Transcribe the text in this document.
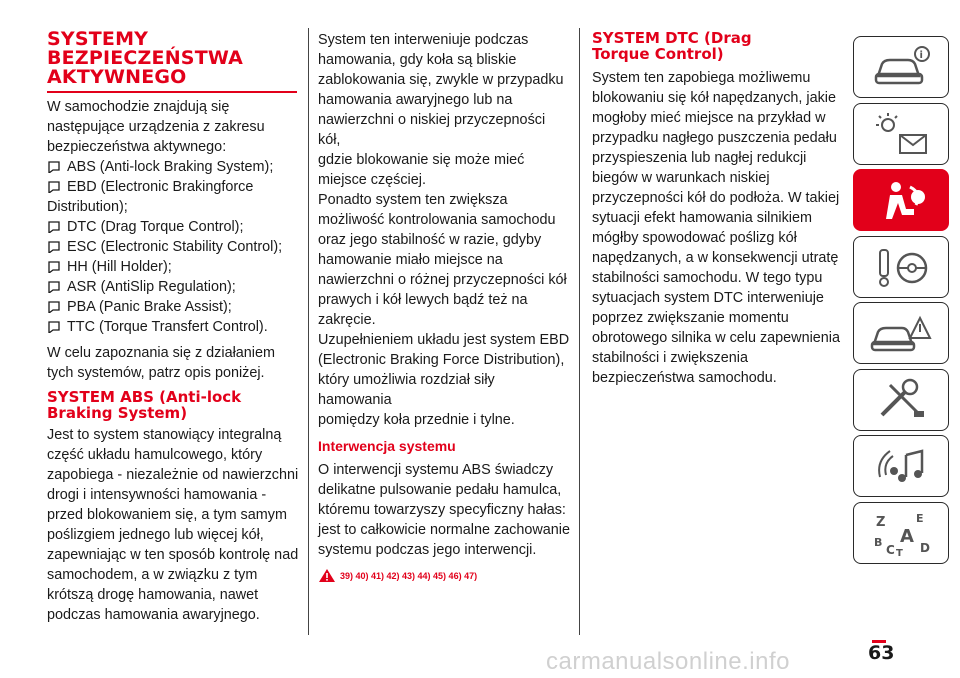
SYSTEMY
BEZPIECZEŃSTWA
AKTYWNEGO

W samochodzie znajdują się
następujące urządzenia z zakresu
bezpieczeństwa aktywnego:

ABS (Anti-lock Braking System);
EBD (Electronic Brakingforce
Distribution);
DTC (Drag Torque Control);
ESC (Electronic Stability Control);
HH (Hill Holder);
ASR (AntiSlip Regulation);
PBA (Panic Brake Assist);
TTC (Torque Transfert Control).

W celu zapoznania się z działaniem
tych systemów, patrz opis poniżej.

SYSTEM ABS (Anti-lock
Braking System)

Jest to system stanowiący integralną
część układu hamulcowego, który
zapobiega - niezależnie od nawierzchni
drogi i intensywności hamowania -
przed blokowaniem się, a tym samym
poślizgiem jednego lub więcej kół,
zapewniając w ten sposób kontrolę nad
samochodem, a w związku z tym
krótszą drogę hamowania, nawet
podczas hamowania awaryjnego.

System ten interweniuje podczas
hamowania, gdy koła są bliskie
zablokowania się, zwykle w przypadku
hamowania awaryjnego lub na
nawierzchni o niskiej przyczepności kół,
gdzie blokowanie się może mieć
miejsce częściej.
Ponadto system ten zwiększa
możliwość kontrolowania samochodu
oraz jego stabilność w razie, gdyby
hamowanie miało miejsce na
nawierzchni o różnej przyczepności kół
prawych i kół lewych bądź też na
zakręcie.
Uzupełnieniem układu jest system EBD
(Electronic Braking Force Distribution),
który umożliwia rozdział siły hamowania
pomiędzy koła przednie i tylne.

Interwencja systemu

O interwencji systemu ABS świadczy
delikatne pulsowanie pedału hamulca,
któremu towarzyszy specyficzny hałas:
jest to całkowicie normalne zachowanie
systemu podczas jego interwencji.

39) 40) 41) 42) 43) 44) 45) 46) 47)
SYSTEM DTC (Drag
Torque Control)

System ten zapobiega możliwemu
blokowaniu się kół napędzanych, jakie
mogłoby mieć miejsce na przykład w
przypadku nagłego puszczenia pedału
przyspieszenia lub nagłej redukcji
biegów w warunkach niskiej
przyczepności kół do podłoża. W takiej
sytuacji efekt hamowania silnikiem
mógłby spowodować poślizg kół
napędzanych, a w konsekwencji utratę
stabilności samochodu. W tego typu
sytuacjach system DTC interweniuje
poprzez zwiększanie momentu
obrotowego silnika w celu zapewnienia
stabilności i zwiększenia
bezpieczeństwa samochodu.

i
Z	E
B A
C T D
carmanualsonline.info	63
